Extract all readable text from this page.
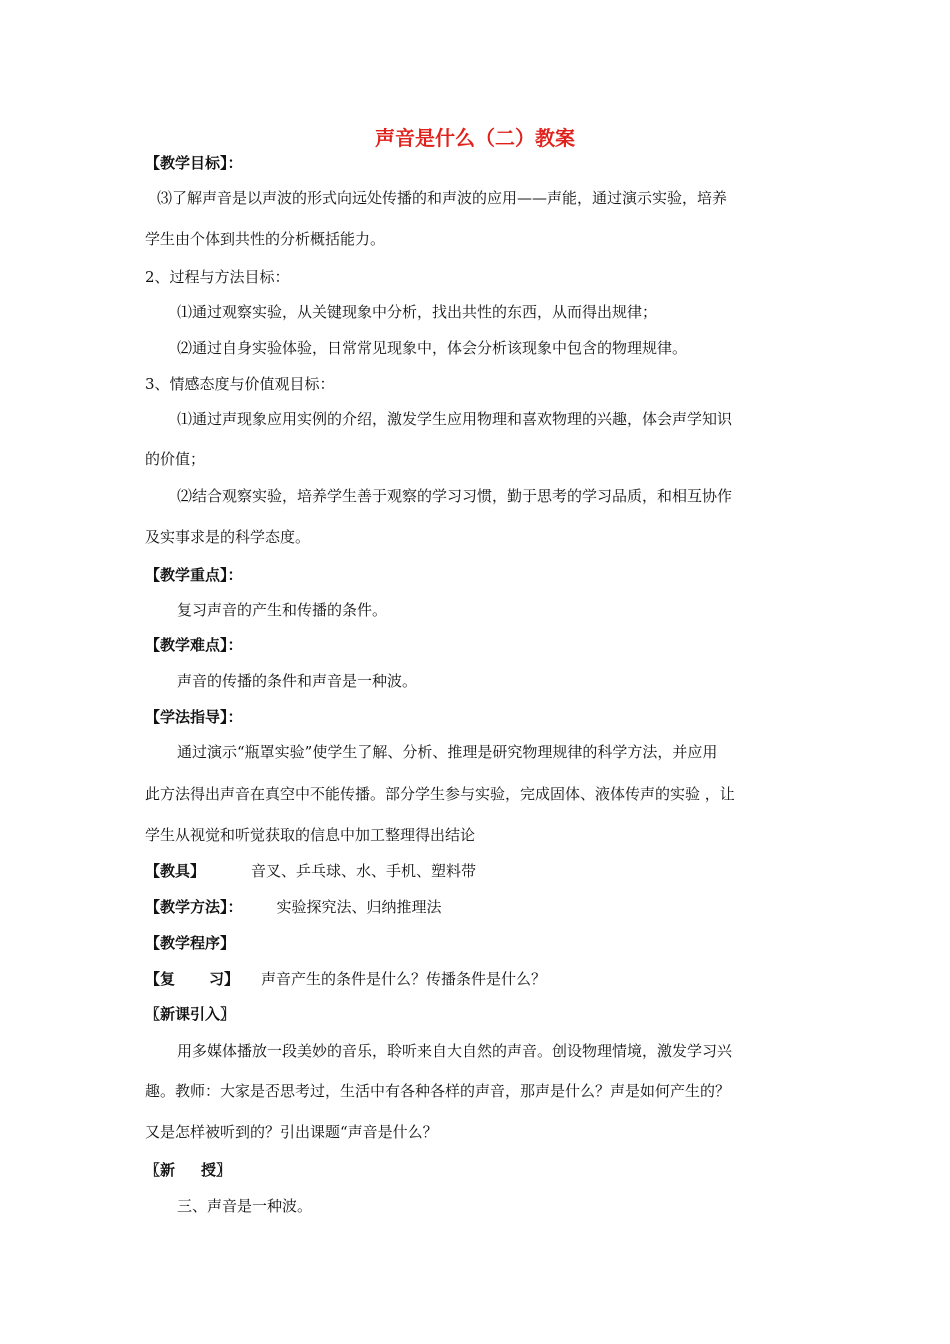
声音是什么（二）教案
【教学目标】：
⑶了解声音是以声波的形式向远处传播的和声波的应用——声能，通过演示实验，培养
学生由个体到共性的分析概括能力。
2、过程与方法目标：
⑴通过观察实验，从关键现象中分析，找出共性的东西，从而得出规律；
⑵通过自身实验体验，日常常见现象中，体会分析该现象中包含的物理规律。
3、情感态度与价值观目标：
⑴通过声现象应用实例的介绍，激发学生应用物理和喜欢物理的兴趣，体会声学知识
的价值；
⑵结合观察实验，培养学生善于观察的学习习惯，勤于思考的学习品质，和相互协作
及实事求是的科学态度。
【教学重点】：
复习声音的产生和传播的条件。
【教学难点】：
声音的传播的条件和声音是一种波。
【学法指导】：
通过演示“瓶罩实验”使学生了解、分析、推理是研究物理规律的科学方法，并应用
此方法得出声音在真空中不能传播。部分学生参与实验，完成固体、液体传声的实验 ，让
学生从视觉和听觉获取的信息中加工整理得出结论
【教具】	音叉、乒乓球、水、手机、塑料带
【教学方法】： 实验探究法、归纳推理法
【教学程序】
【复 习】 声音产生的条件是什么？传播条件是什么？
〖新课引入〗
用多媒体播放一段美妙的音乐，聆听来自大自然的声音。创设物理情境，激发学习兴
趣。教师：大家是否思考过，生活中有各种各样的声音，那声是什么？声是如何产生的？
又是怎样被听到的？引出课题“声音是什么？
〖新 授〗
三、声音是一种波。
